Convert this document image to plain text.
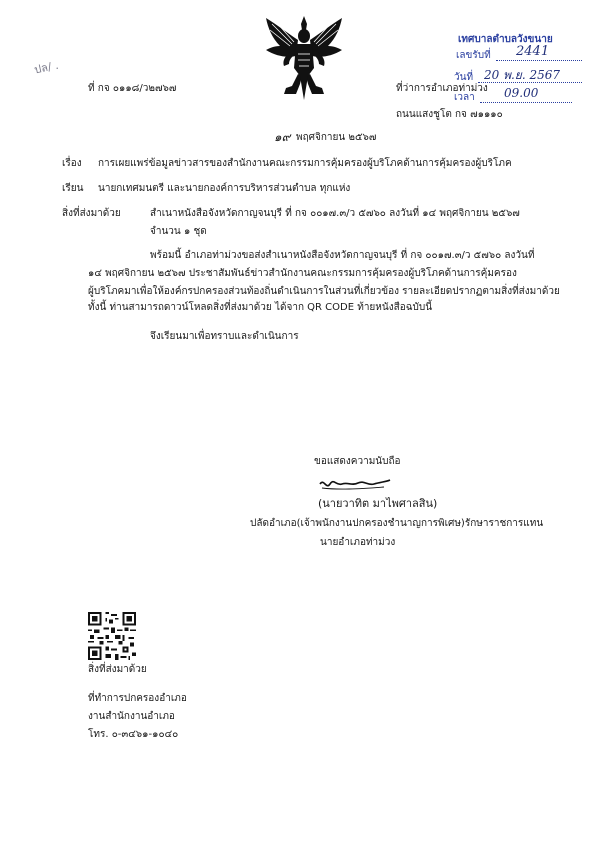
ปล/ .
เทศบาลตำบลวังขนาย
เลขรับที่ 2441
วันที่ 20 พ.ย. 2567
เวลา 09.00
ที่ กจ ๐๑๑๘/ว๒๗๖๗	ที่ว่าการอำเภอท่าม่วง
ถนนแสงชูโต กจ ๗๑๑๑๐
๑๙ พฤศจิกายน ๒๕๖๗
เรื่อง การเผยแพร่ข้อมูลข่าวสารของสำนักงานคณะกรรมการคุ้มครองผู้บริโภคด้านการคุ้มครองผู้บริโภค
เรียน นายกเทศมนตรี และนายกองค์การบริหารส่วนตำบล ทุกแห่ง
สิ่งที่ส่งมาด้วย	สำเนาหนังสือจังหวัดกาญจนบุรี ที่ กจ ๐๐๑๗.๓/ว ๕๗๖๐ ลงวันที่ ๑๔ พฤศจิกายน ๒๕๖๗
จำนวน ๑ ชุด
พร้อมนี้ อำเภอท่าม่วงขอส่งสำเนาหนังสือจังหวัดกาญจนบุรี ที่ กจ ๐๐๑๗.๓/ว ๕๗๖๐ ลงวันที่
๑๔ พฤศจิกายน ๒๕๖๗ ประชาสัมพันธ์ข่าวสำนักงานคณะกรรมการคุ้มครองผู้บริโภคด้านการคุ้มครอง
ผู้บริโภคมาเพื่อให้องค์กรปกครองส่วนท้องถิ่นดำเนินการในส่วนที่เกี่ยวข้อง รายละเอียดปรากฏตามสิ่งที่ส่งมาด้วย
ทั้งนี้ ท่านสามารถดาวน์โหลดสิ่งที่ส่งมาด้วย ได้จาก QR CODE ท้ายหนังสือฉบับนี้
จึงเรียนมาเพื่อทราบและดำเนินการ
ขอแสดงความนับถือ
(นายวาทิต มาไพศาลสิน)
ปลัดอำเภอ(เจ้าพนักงานปกครองชำนาญการพิเศษ)รักษาราชการแทน
นายอำเภอท่าม่วง
สิ่งที่ส่งมาด้วย
ที่ทำการปกครองอำเภอ
งานสำนักงานอำเภอ
โทร. ๐-๓๔๖๑-๑๐๔๐
